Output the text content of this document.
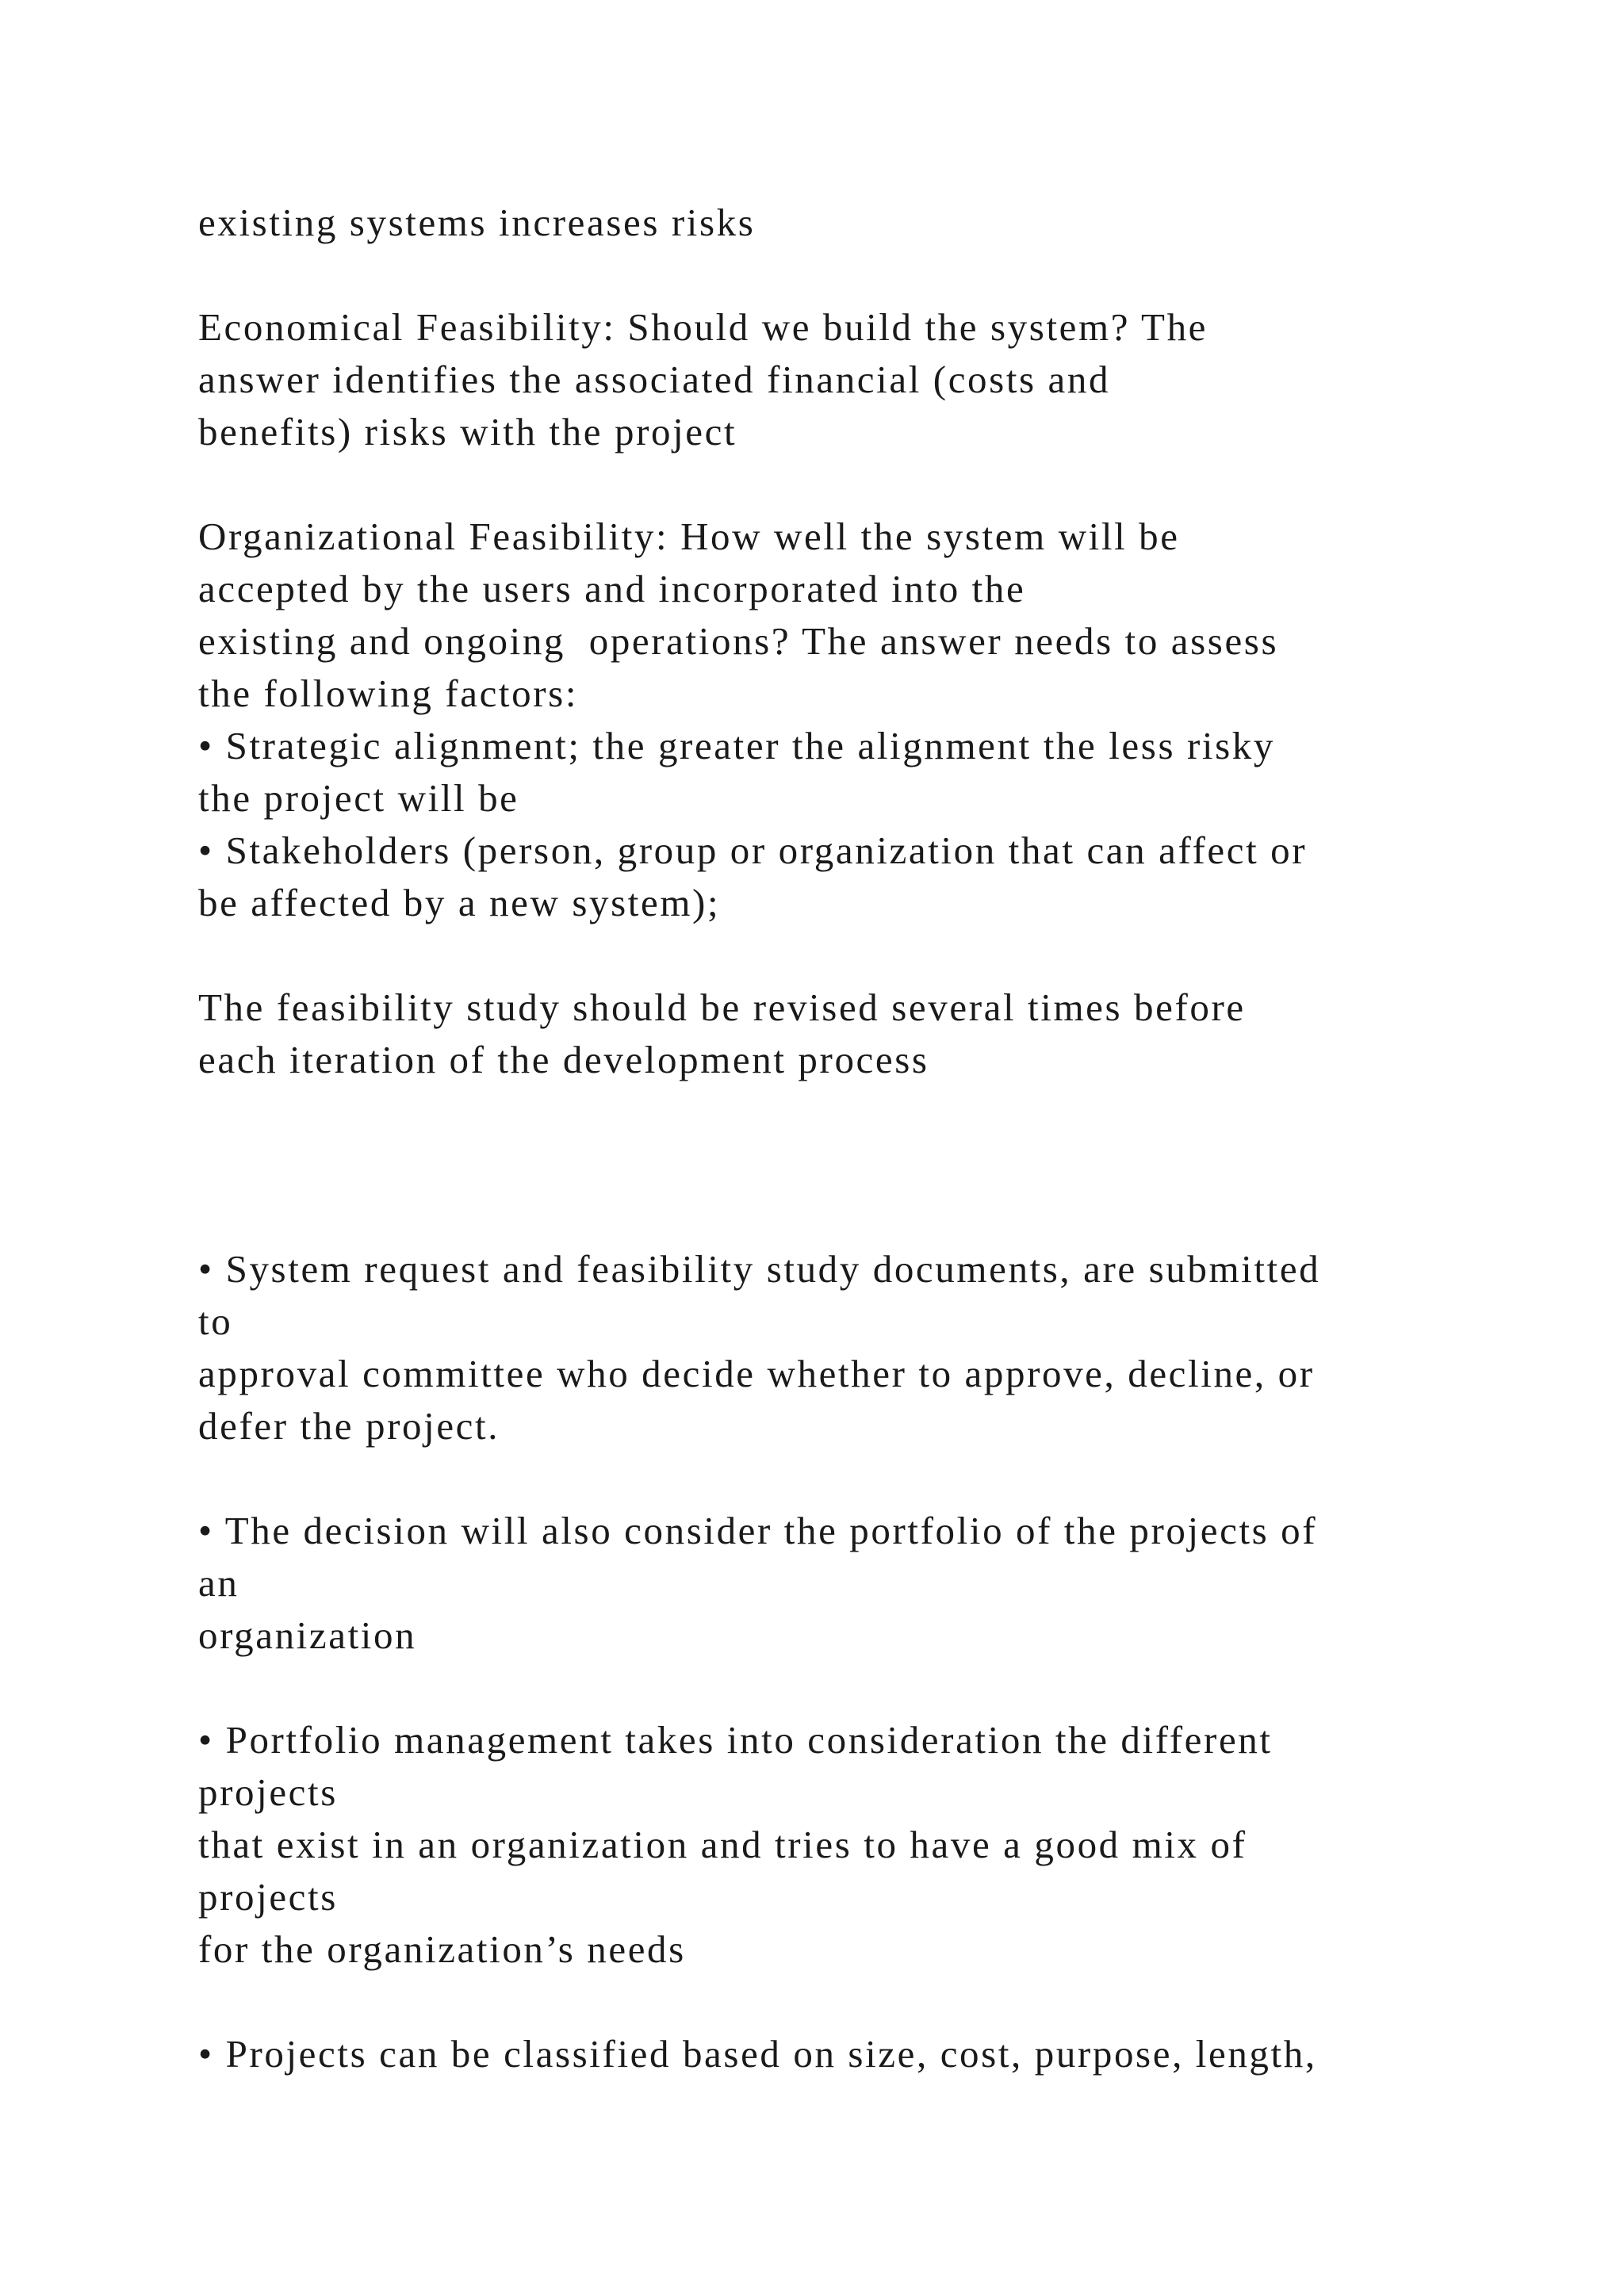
existing systems increases risks

Economical Feasibility: Should we build the system? The

answer identifies the associated financial (costs and

benefits) risks with the project

Organizational Feasibility: How well the system will be

accepted by the users and incorporated into the

existing and ongoing  operations? The answer needs to assess

the following factors:

• Strategic alignment; the greater the alignment the less risky

the project will be

• Stakeholders (person, group or organization that can affect or

be affected by a new system);

The feasibility study should be revised several times before

each iteration of the development process

• System request and feasibility study documents, are submitted

to

approval committee who decide whether to approve, decline, or

defer the project.

• The decision will also consider the portfolio of the projects of

an

organization

• Portfolio management takes into consideration the different

projects

that exist in an organization and tries to have a good mix of

projects

for the organization’s needs

• Projects can be classified based on size, cost, purpose, length,
